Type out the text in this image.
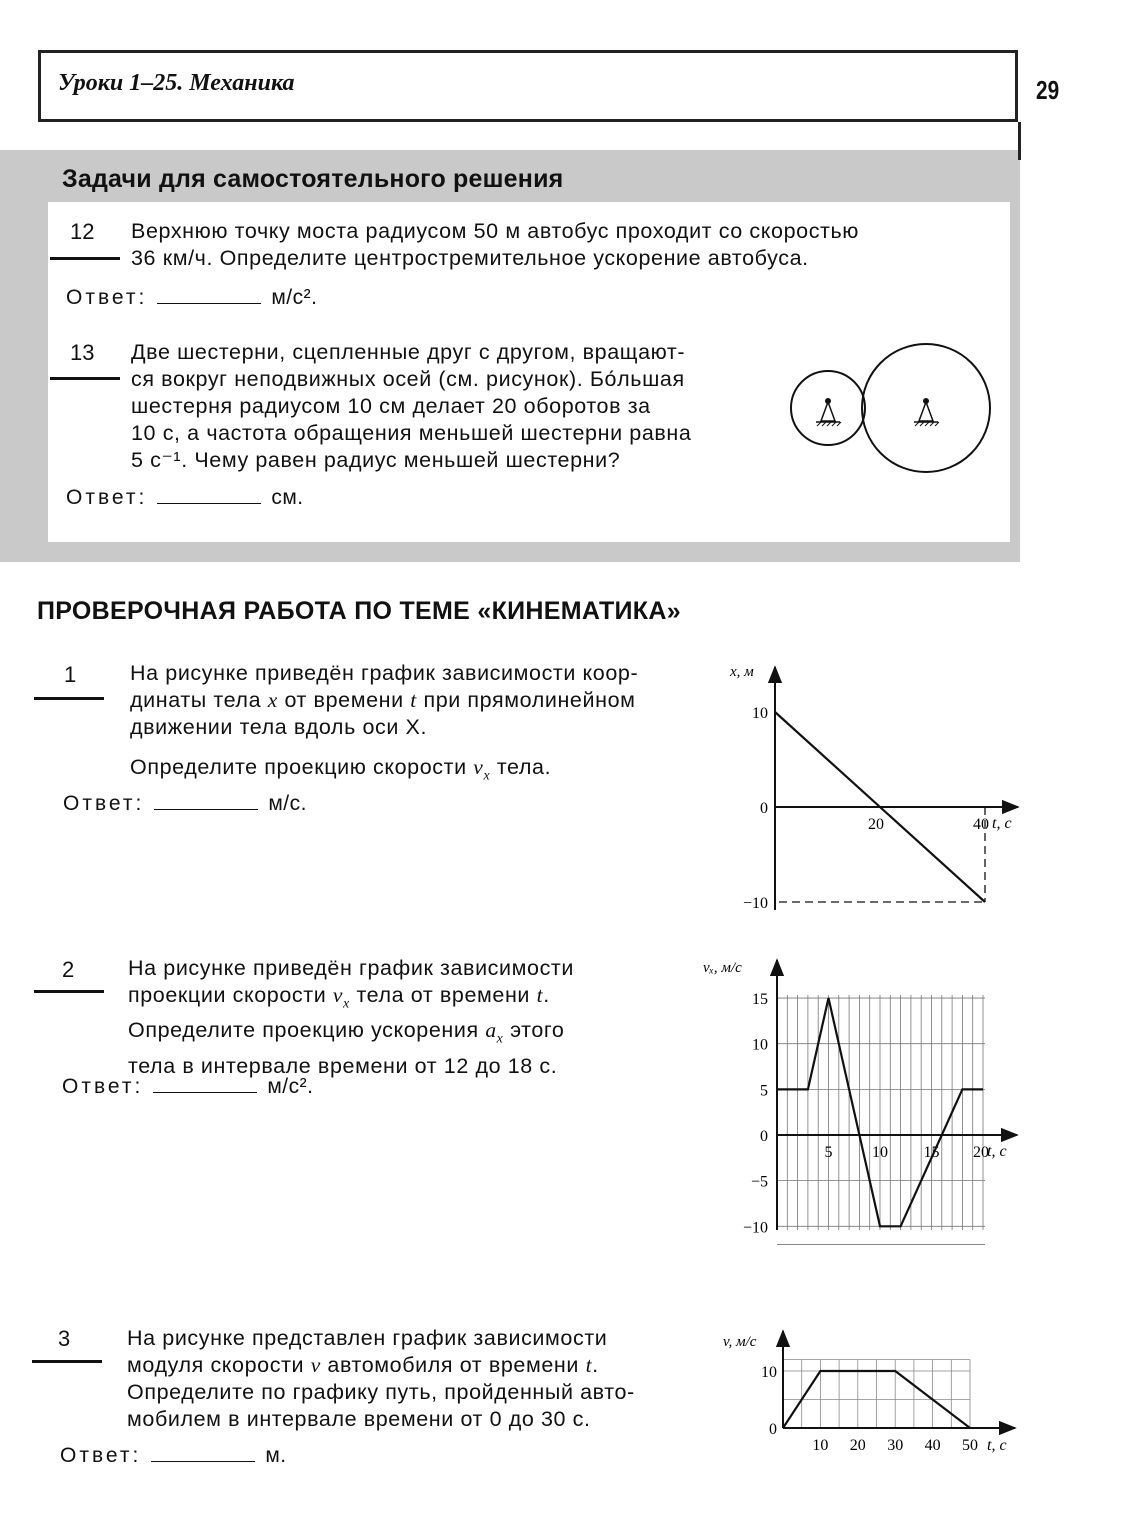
Уроки 1–25. Механика	29
Задачи для самостоятельного решения
12 Верхнюю точку моста радиусом 50 м автобус проходит со скоростью
36 км/ч. Определите центростремительное ускорение автобуса.
Ответ:	м/с².
13 Две шестерни, сцепленные друг с другом, вращают-
ся вокруг неподвижных осей (см. рисунок). Бо́льшая
шестерня радиусом 10 см делает 20 оборотов за
10 с, а частота обращения меньшей шестерни равна
5 с⁻¹. Чему равен радиус меньшей шестерни?
Ответ:	см.
ПРОВЕРОЧНАЯ РАБОТА ПО ТЕМЕ «КИНЕМАТИКА»
1	На рисунке приведён график зависимости коор-
динаты тела x от времени t при прямолинейном
движении тела вдоль оси X.
Определите проекцию скорости $v_x$ тела.
Ответ:	м/с.
x, м
t, с
10
0
−10
20	40
2	На рисунке приведён график зависимости
проекции скорости $v_x$ тела от времени t.
Определите проекцию ускорения $a_x$ этого
тела в интервале времени от 12 до 18 с.
Ответ:	м/с².
vₓ, м/с
t, с
15
10
5
0
−5
−10
5 10 15 20
3	На рисунке представлен график зависимости
модуля скорости v автомобиля от времени t.
Определите по графику путь, пройденный авто-
мобилем в интервале времени от 0 до 30 с.
Ответ:	м.
v, м/с
t, с
10
0
10 20 30 40 50
